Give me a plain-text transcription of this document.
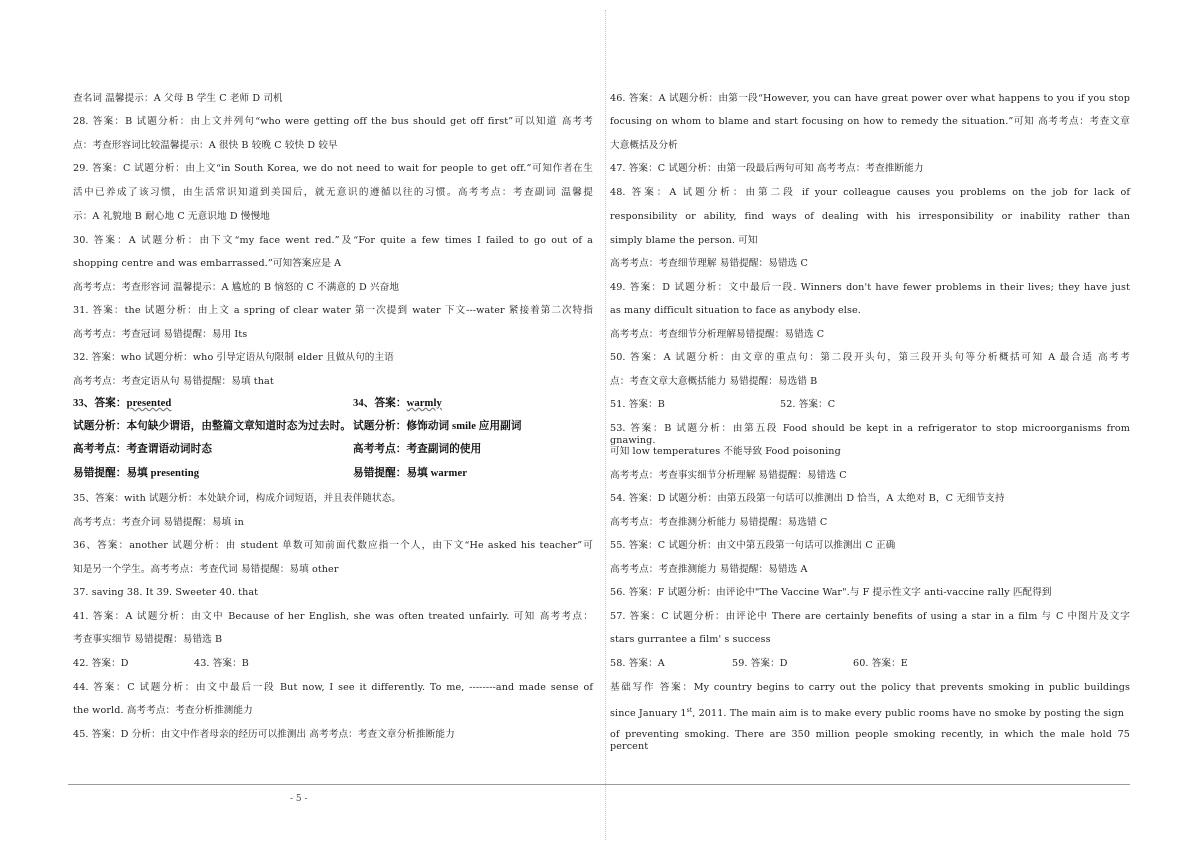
查名词 温馨提示：A 父母 B 学生 C 老师 D 司机
28. 答案：B 试题分析：由上文并列句“who were getting off the bus should get off first”可以知道 高考考
点：考查形容词比较温馨提示：A 很快 B 较晚 C 较快 D 较早
29. 答案：C 试题分析：由上文“in South Korea, we do not need to wait for people to get off.”可知作者在生
活中已养成了该习惯，由生活常识知道到美国后，就无意识的遵循以往的习惯。高考考点：考查副词 温馨提
示：A 礼貌地 B 耐心地 C 无意识地 D 慢慢地
30. 答案：A 试题分析：由下文“my face went red.”及“For quite a few times I failed to go out of a
shopping centre and was embarrassed.”可知答案应是 A
高考考点：考查形容词 温馨提示：A 尴尬的 B 恼怒的 C 不满意的 D 兴奋地
31. 答案：the 试题分析：由上文 a spring of clear water 第一次提到 water 下文---water 紧接着第二次特指
高考考点：考查冠词 易错提醒：易用 Its
32. 答案：who 试题分析：who 引导定语从句限制 elder 且做从句的主语
高考考点：考查定语从句 易错提醒：易填 that
33、答案：presented	34、答案：warmly
试题分析：本句缺少谓语，由整篇文章知道时态为过去时。 试题分析：修饰动词 smile 应用副词
高考考点：考查谓语动词时态	高考考点：考查副词的使用
易错提醒：易填 presenting	易错提醒：易填 warmer
35、答案：with 试题分析：本处缺介词，构成介词短语，并且表伴随状态。
高考考点：考查介词 易错提醒：易填 in
36、答案：another 试题分析：由 student 单数可知前面代数应指一个人，由下文“He asked his teacher”可
知是另一个学生。高考考点：考查代词 易错提醒：易填 other
37. saving 38. It 39. Sweeter 40. that
41. 答案：A 试题分析：由文中 Because of her English, she was often treated unfairly. 可知 高考考点：
考查事实细节 易错提醒：易错选 B
42. 答案：D	43. 答案：B
44. 答案：C 试题分析：由文中最后一段 But now, I see it differently. To me, --------and made sense of
the world. 高考考点：考查分析推测能力
45. 答案：D 分析：由文中作者母亲的经历可以推测出 高考考点：考查文章分析推断能力
46. 答案：A 试题分析：由第一段“However, you can have great power over what happens to you if you stop
focusing on whom to blame and start focusing on how to remedy the situation.”可知 高考考点：考查文章
大意概括及分析
47. 答案：C 试题分析：由第一段最后两句可知 高考考点：考查推断能力
48. 答案：A 试题分析：由第二段 if your colleague causes you problems on the job for lack of
responsibility or ability, find ways of dealing with his irresponsibility or inability rather than
simply blame the person. 可知
高考考点：考查细节理解 易错提醒：易错选 C
49. 答案：D 试题分析：文中最后一段. Winners don't have fewer problems in their lives; they have just
as many difficult situation to face as anybody else.
高考考点：考查细节分析理解易错提醒：易错选 C
50. 答案：A 试题分析：由文章的重点句：第二段开头句，第三段开头句等分析概括可知 A 最合适 高考考
点：考查文章大意概括能力 易错提醒：易选错 B
51. 答案：B	52. 答案：C
53. 答案：B 试题分析：由第五段 Food should be kept in a refrigerator to stop microorganisms from gnawing.
可知 low temperatures 不能导致 Food poisoning
高考考点：考查事实细节分析理解 易错提醒：易错选 C
54. 答案：D 试题分析：由第五段第一句话可以推测出 D 恰当，A 太绝对 B，C 无细节支持
高考考点：考查推测分析能力 易错提醒：易选错 C
55. 答案：C 试题分析：由文中第五段第一句话可以推测出 C 正确
高考考点：考查推测能力 易错提醒：易错选 A
56. 答案：F 试题分析：由评论中"The Vaccine War".与 F 提示性文字 anti-vaccine rally 匹配得到
57. 答案：C 试题分析：由评论中 There are certainly benefits of using a star in a film 与 C 中图片及文字
stars gurrantee a film' s success
58. 答案：A	59. 答案：D	60. 答案：E
基础写作 答案：My country begins to carry out the policy that prevents smoking in public buildings
since January 1st, 2011. The main aim is to make every public rooms have no smoke by posting the sign
of preventing smoking. There are 350 million people smoking recently, in which the male hold 75 percent
- 5 -
